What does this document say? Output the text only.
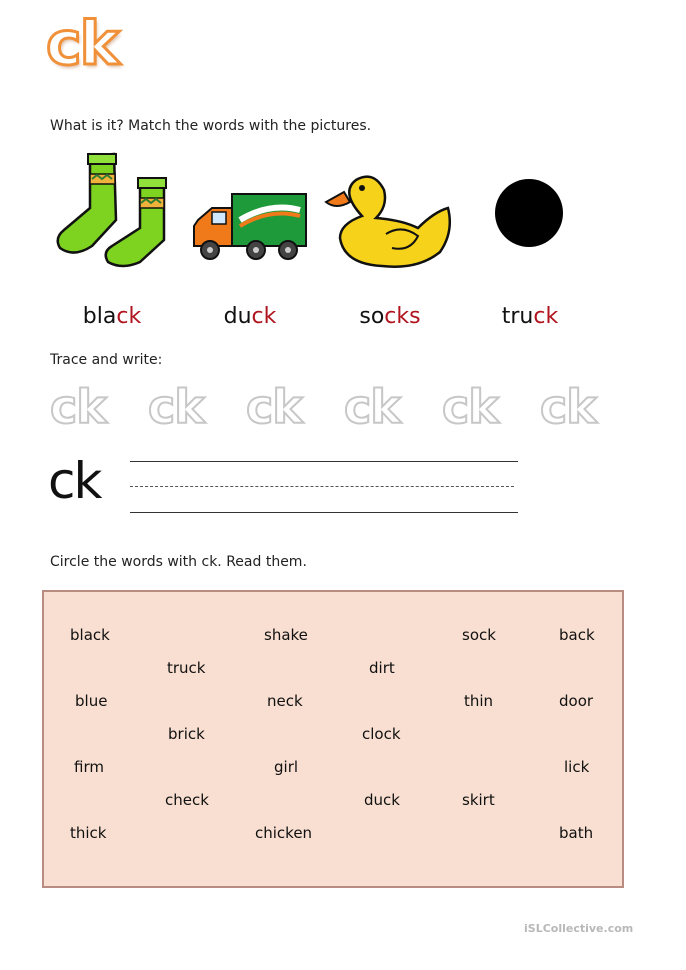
ck
What is it? Match the words with the pictures.
black	duck	socks	truck
Trace and write:
ck ck ck ck ck ck
ck
Circle the words with ck. Read them.
black	shake	sock	back
truck	dirt
blue	neck	thin	door
brick	clock
firm	girl	lick
check	duck	skirt
thick	chicken	bath
iSLCollective.com
